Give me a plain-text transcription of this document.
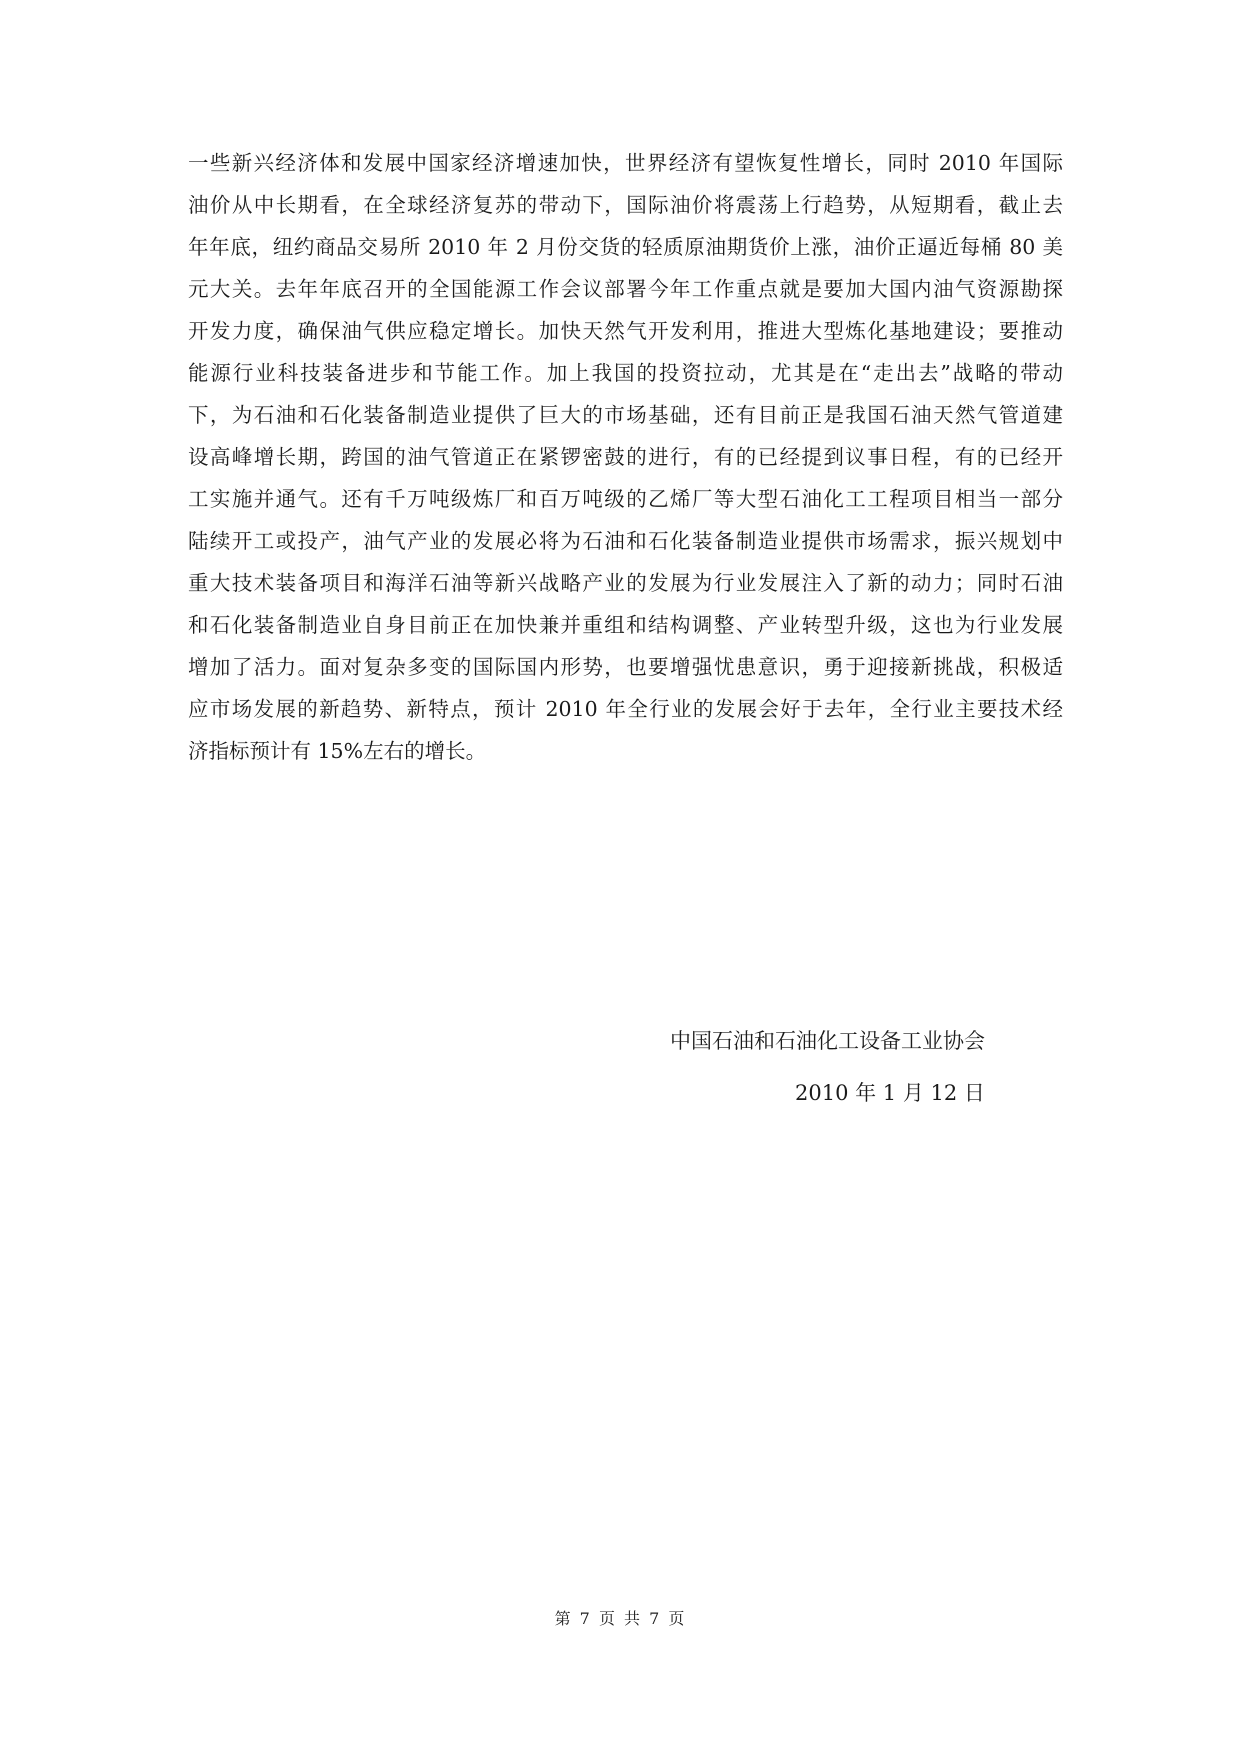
一些新兴经济体和发展中国家经济增速加快，世界经济有望恢复性增长，同时 2010 年国际
油价从中长期看，在全球经济复苏的带动下，国际油价将震荡上行趋势，从短期看，截止去
年年底，纽约商品交易所 2010 年 2 月份交货的轻质原油期货价上涨，油价正逼近每桶 80 美
元大关。去年年底召开的全国能源工作会议部署今年工作重点就是要加大国内油气资源勘探
开发力度，确保油气供应稳定增长。加快天然气开发利用，推进大型炼化基地建设；要推动
能源行业科技装备进步和节能工作。加上我国的投资拉动，尤其是在“走出去”战略的带动
下，为石油和石化装备制造业提供了巨大的市场基础，还有目前正是我国石油天然气管道建
设高峰增长期，跨国的油气管道正在紧锣密鼓的进行，有的已经提到议事日程，有的已经开
工实施并通气。还有千万吨级炼厂和百万吨级的乙烯厂等大型石油化工工程项目相当一部分
陆续开工或投产，油气产业的发展必将为石油和石化装备制造业提供市场需求，振兴规划中
重大技术装备项目和海洋石油等新兴战略产业的发展为行业发展注入了新的动力；同时石油
和石化装备制造业自身目前正在加快兼并重组和结构调整、产业转型升级，这也为行业发展
增加了活力。面对复杂多变的国际国内形势，也要增强忧患意识，勇于迎接新挑战，积极适
应市场发展的新趋势、新特点，预计 2010 年全行业的发展会好于去年，全行业主要技术经
济指标预计有 15%左右的增长。
中国石油和石油化工设备工业协会
2010 年 1 月 12 日
第 7 页 共 7 页
